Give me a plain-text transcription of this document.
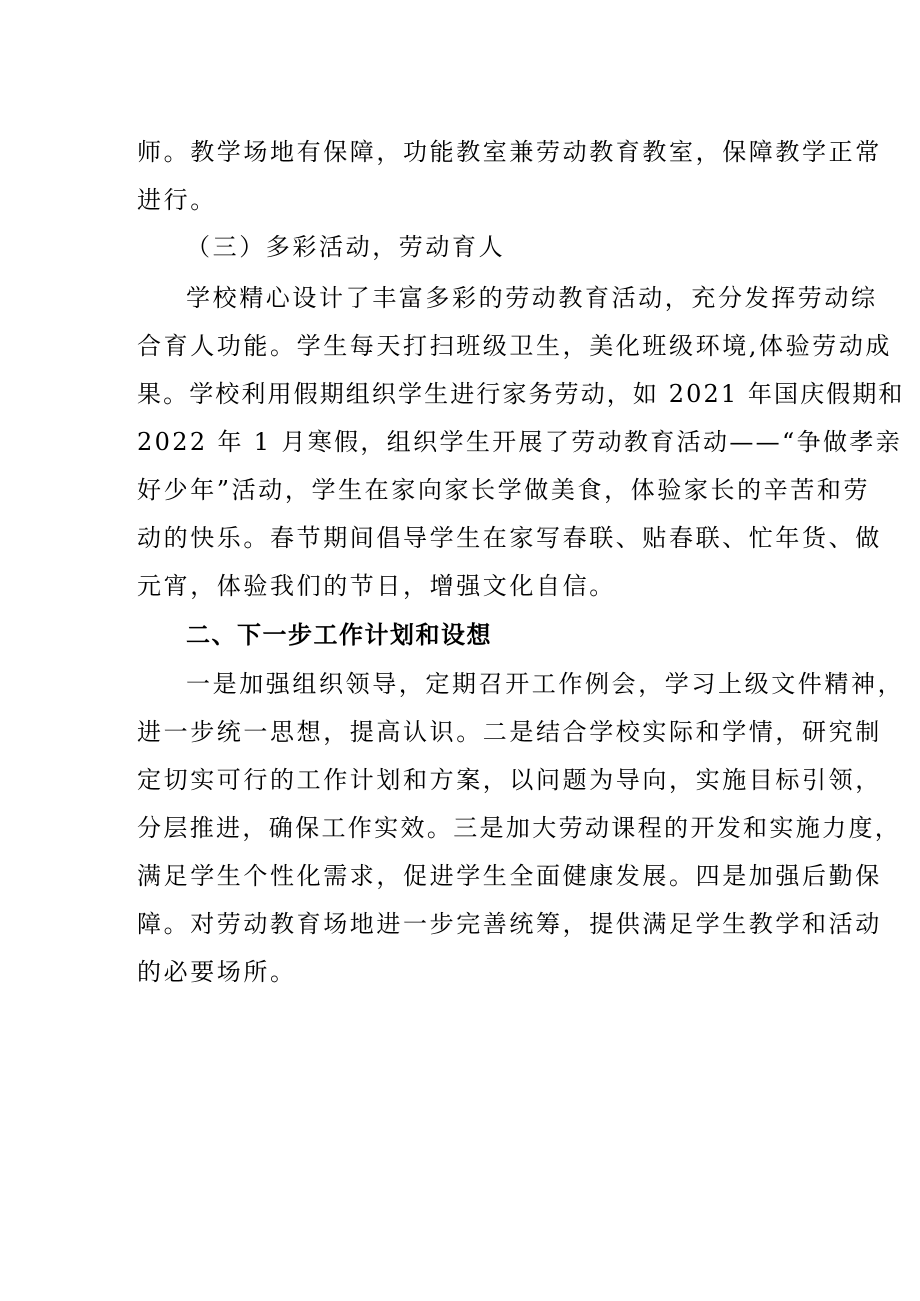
师。教学场地有保障，功能教室兼劳动教育教室，保障教学正常
进行。
（三）多彩活动，劳动育人
学校精心设计了丰富多彩的劳动教育活动，充分发挥劳动综
合育人功能。学生每天打扫班级卫生，美化班级环境,体验劳动成
果。学校利用假期组织学生进行家务劳动，如 2021 年国庆假期和
2022 年 1 月寒假，组织学生开展了劳动教育活动——“争做孝亲
好少年”活动，学生在家向家长学做美食，体验家长的辛苦和劳
动的快乐。春节期间倡导学生在家写春联、贴春联、忙年货、做
元宵，体验我们的节日，增强文化自信。
二、下一步工作计划和设想
一是加强组织领导，定期召开工作例会，学习上级文件精神，
进一步统一思想，提高认识。二是结合学校实际和学情，研究制
定切实可行的工作计划和方案，以问题为导向，实施目标引领，
分层推进，确保工作实效。三是加大劳动课程的开发和实施力度，
满足学生个性化需求，促进学生全面健康发展。四是加强后勤保
障。对劳动教育场地进一步完善统筹，提供满足学生教学和活动
的必要场所。
